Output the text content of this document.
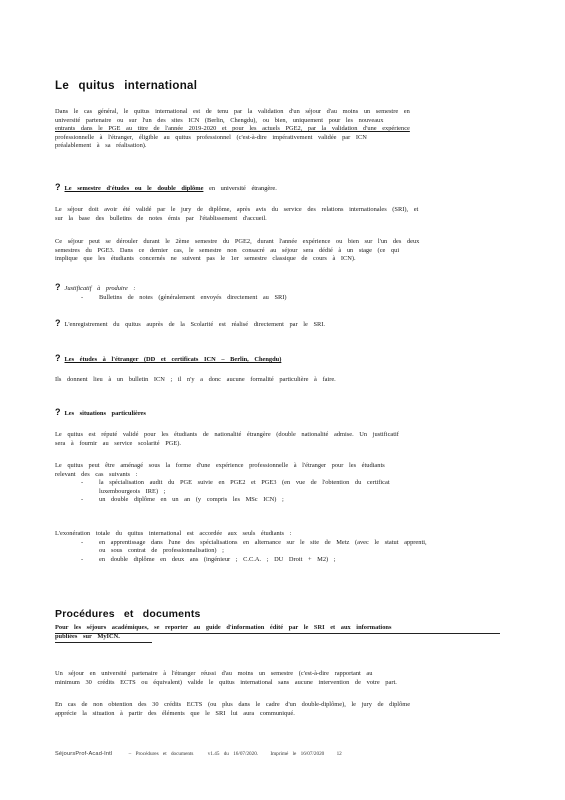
Le quitus international
Dans le cas général, le quitus international est de tenu par la validation d'un séjour d'au moins un semestre en
université partenaire ou sur l'un des sites ICN (Berlin, Chengdu), ou bien, uniquement pour les nouveaux
entrants dans le PGE au titre de l'année 2019-2020 et pour les actuels PGE2, par la validation d'une expérience
professionnelle à l'étranger, éligible au quitus professionnel (c'est-à-dire impérativement validée par ICN
préalablement à sa réalisation).
? Le semestre d'études ou le double diplôme en université étrangère.
Le séjour doit avoir été validé par le jury de diplôme, après avis du service des relations internationales (SRI), et
sur la base des bulletins de notes émis par l'établissement d'accueil.
Ce séjour peut se dérouler durant le 2ème semestre du PGE2, durant l'année expérience ou bien sur l'un des deux
semestres du PGE3. Dans ce dernier cas, le semestre non consacré au séjour sera dédié à un stage (ce qui
implique que les étudiants concernés ne suivent pas le 1er semestre classique de cours à ICN).
? Justificatif à produire :
-	Bulletins de notes (généralement envoyés directement au SRI)
? L'enregistrement du quitus auprès de la Scolarité est réalisé directement par le SRI.
? Les études à l'étranger (DD et certificats ICN – Berlin, Chengdu)
Ils donnent lieu à un bulletin ICN ; il n'y a donc aucune formalité particulière à faire.
? Les situations particulières
Le quitus est réputé validé pour les étudiants de nationalité étrangère (double nationalité admise. Un justificatif
sera à fournir au service scolarité PGE).
Le quitus peut être aménagé sous la forme d'une expérience professionnelle à l'étranger pour les étudiants
relevant des cas suivants :
-	la spécialisation audit du PGE suivie en PGE2 et PGE3 (en vue de l'obtention du certificat
luxembourgeois IRE) ;
-	un double diplôme en un an (y compris les MSc ICN) ;
L'exonération totale du quitus international est accordée aux seuls étudiants :
-	en apprentissage dans l'une des spécialisations en alternance sur le site de Metz (avec le statut apprenti,
ou sous contrat de professionnalisation) ;
-	en double diplôme en deux ans (ingénieur ; C.C.A. ; DU Droit + M2) ;
Procédures et documents
Pour les séjours académiques, se reporter au guide d'information édité par le SRI et aux informations
publiées sur MyICN.
Un séjour en université partenaire à l'étranger réussi d'au moins un semestre (c'est-à-dire rapportant au
minimum 30 crédits ECTS ou équivalent) valide le quitus international sans aucune intervention de votre part.
En cas de non obtention des 30 crédits ECTS (ou plus dans le cadre d'un double-diplôme), le jury de diplôme
apprécie la situation à partir des éléments que le SRI lui aura communiqué.
SéjoursProf-Acad-Intl	– Procédures et documents	v1.45 du 16/07/2020. Imprimé le 16/07/2020 12
